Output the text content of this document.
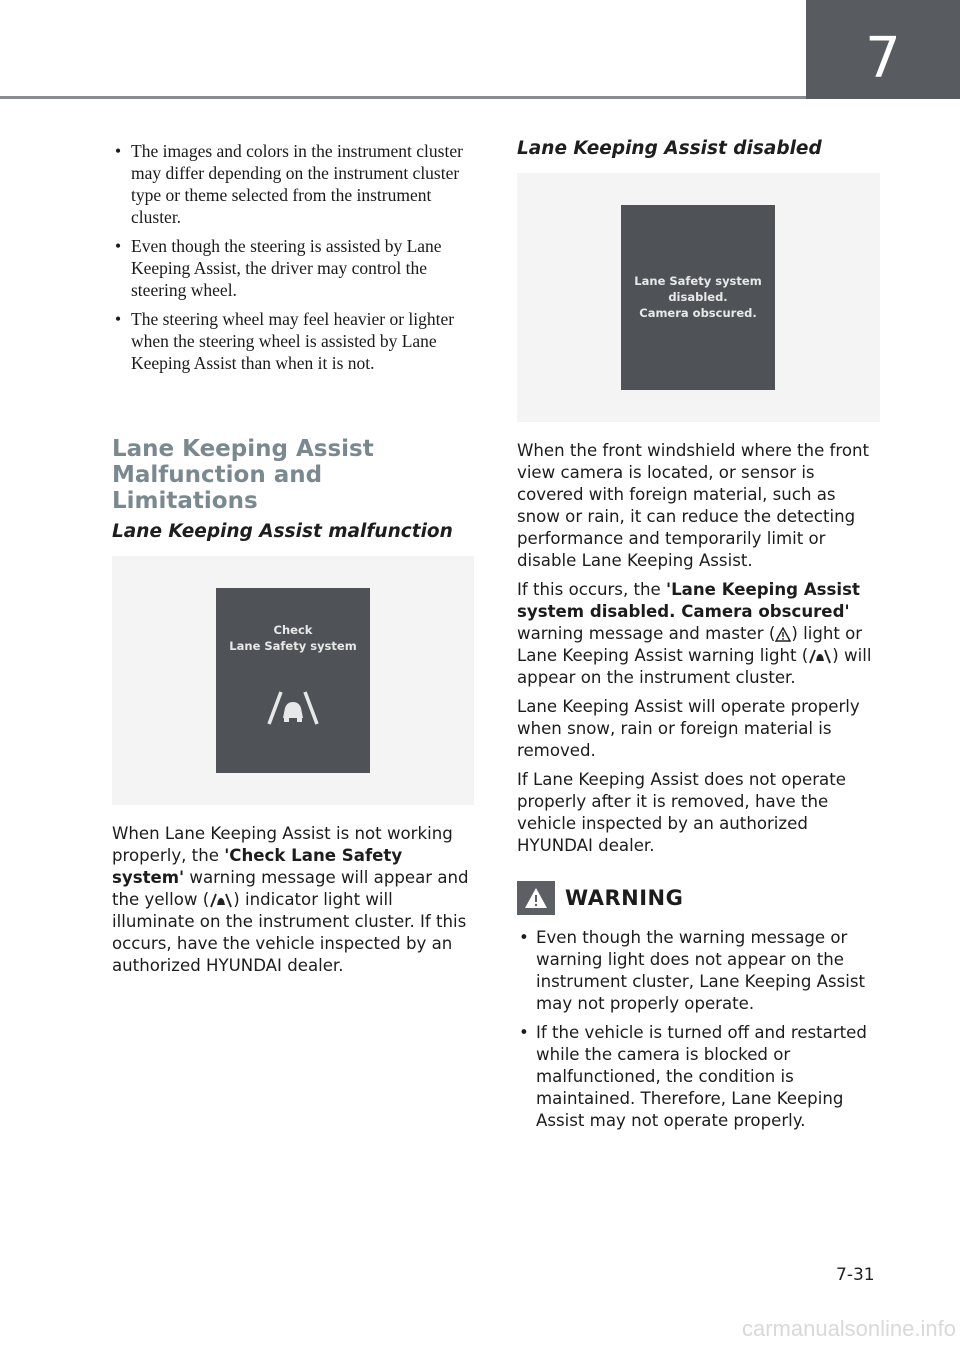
7
• The images and colors in the instrument cluster may differ depending on the instrument cluster type or theme selected from the instrument cluster.
• Even though the steering is assisted by Lane Keeping Assist, the driver may control the steering wheel.
• The steering wheel may feel heavier or lighter when the steering wheel is assisted by Lane Keeping Assist than when it is not.
Lane Keeping Assist Malfunction and Limitations
Lane Keeping Assist malfunction
Check
Lane Safety system

When Lane Keeping Assist is not working properly, the 'Check Lane Safety system' warning message will appear and the yellow ( ) indicator light will illuminate on the instrument cluster. If this occurs, have the vehicle inspected by an authorized HYUNDAI dealer.

Lane Keeping Assist disabled
Lane Safety system
disabled.
Camera obscured.

When the front windshield where the front view camera is located, or sensor is covered with foreign material, such as snow or rain, it can reduce the detecting performance and temporarily limit or disable Lane Keeping Assist.

If this occurs, the 'Lane Keeping Assist system disabled. Camera obscured' warning message and master ( ) light or Lane Keeping Assist warning light ( ) will appear on the instrument cluster.

Lane Keeping Assist will operate properly when snow, rain or foreign material is removed.

If Lane Keeping Assist does not operate properly after it is removed, have the vehicle inspected by an authorized HYUNDAI dealer.

WARNING
• Even though the warning message or warning light does not appear on the instrument cluster, Lane Keeping Assist may not properly operate.
• If the vehicle is turned off and restarted while the camera is blocked or malfunctioned, the condition is maintained. Therefore, Lane Keeping Assist may not operate properly.
7-31
carmanualsonline.info
